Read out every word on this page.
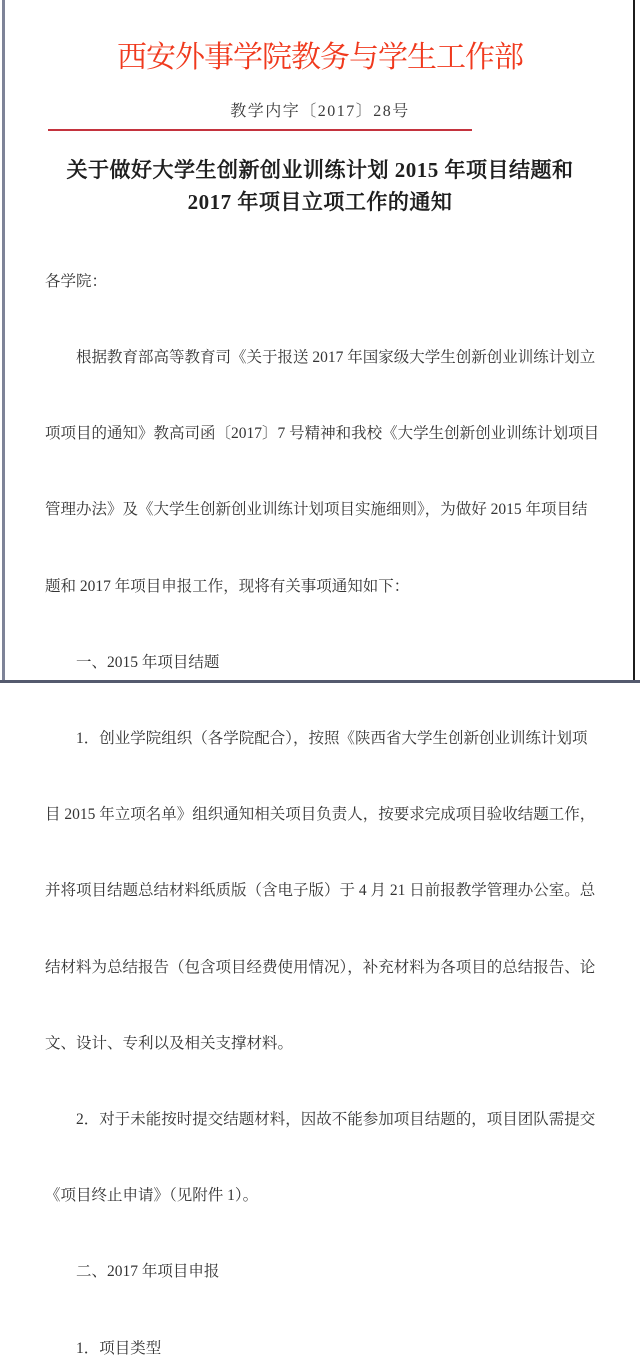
西安外事学院教务与学生工作部
教学内字〔2017〕28号
关于做好大学生创新创业训练计划 2015 年项目结题和
2017 年项目立项工作的通知

各学院：

　　根据教育部高等教育司《关于报送 2017 年国家级大学生创新创业训练计划立

项项目的通知》教高司函〔2017〕7 号精神和我校《大学生创新创业训练计划项目

管理办法》及《大学生创新创业训练计划项目实施细则》，为做好 2015 年项目结

题和 2017 年项目申报工作，现将有关事项通知如下：

　　一、2015 年项目结题

　　1．创业学院组织（各学院配合），按照《陕西省大学生创新创业训练计划项

目 2015 年立项名单》组织通知相关项目负责人，按要求完成项目验收结题工作，

并将项目结题总结材料纸质版（含电子版）于 4 月 21 日前报教学管理办公室。总

结材料为总结报告（包含项目经费使用情况），补充材料为各项目的总结报告、论

文、设计、专利以及相关支撑材料。

　　2．对于未能按时提交结题材料，因故不能参加项目结题的，项目团队需提交

《项目终止申请》（见附件 1）。

　　二、2017 年项目申报

　　1．项目类型
